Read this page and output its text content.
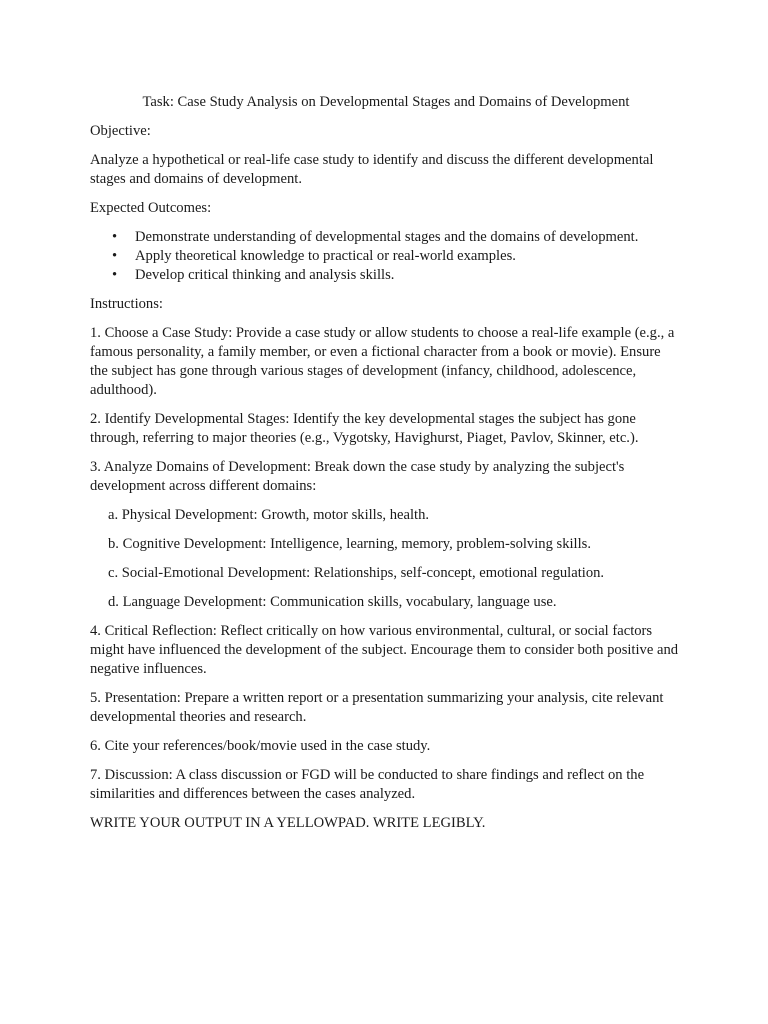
Task: Case Study Analysis on Developmental Stages and Domains of Development

Objective:

Analyze a hypothetical or real-life case study to identify and discuss the different developmental stages and domains of development.

Expected Outcomes:

• Demonstrate understanding of developmental stages and the domains of development.
• Apply theoretical knowledge to practical or real-world examples.
• Develop critical thinking and analysis skills.

Instructions:

1. Choose a Case Study: Provide a case study or allow students to choose a real-life example (e.g., a famous personality, a family member, or even a fictional character from a book or movie). Ensure the subject has gone through various stages of development (infancy, childhood, adolescence, adulthood).

2. Identify Developmental Stages: Identify the key developmental stages the subject has gone through, referring to major theories (e.g., Vygotsky, Havighurst, Piaget, Pavlov, Skinner, etc.).

3. Analyze Domains of Development: Break down the case study by analyzing the subject's development across different domains:

a. Physical Development: Growth, motor skills, health.

b. Cognitive Development: Intelligence, learning, memory, problem-solving skills.

c. Social-Emotional Development: Relationships, self-concept, emotional regulation.

d. Language Development: Communication skills, vocabulary, language use.

4. Critical Reflection: Reflect critically on how various environmental, cultural, or social factors might have influenced the development of the subject. Encourage them to consider both positive and negative influences.

5. Presentation: Prepare a written report or a presentation summarizing your analysis, cite relevant developmental theories and research.

6. Cite your references/book/movie used in the case study.

7. Discussion: A class discussion or FGD will be conducted to share findings and reflect on the similarities and differences between the cases analyzed.

WRITE YOUR OUTPUT IN A YELLOWPAD. WRITE LEGIBLY.
